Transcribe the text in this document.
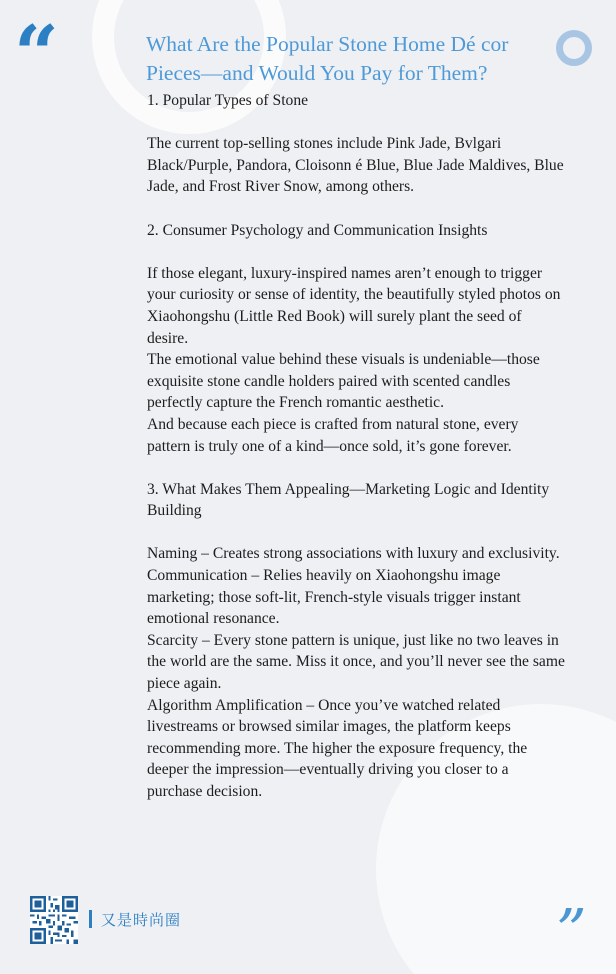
“	What Are the Popular Stone Home Dé cor Pieces—and Would You Pay for Them?

1. Popular Types of Stone

The current top-selling stones include Pink Jade, Bvlgari Black/Purple, Pandora, Cloisonn é Blue, Blue Jade Maldives, Blue Jade, and Frost River Snow, among others.

2. Consumer Psychology and Communication Insights

If those elegant, luxury-inspired names aren’t enough to trigger your curiosity or sense of identity, the beautifully styled photos on Xiaohongshu (Little Red Book) will surely plant the seed of desire.

The emotional value behind these visuals is undeniable—those exquisite stone candle holders paired with scented candles perfectly capture the French romantic aesthetic.

And because each piece is crafted from natural stone, every pattern is truly one of a kind—once sold, it’s gone forever.

3. What Makes Them Appealing—Marketing Logic and Identity Building

Naming – Creates strong associations with luxury and exclusivity.

Communication – Relies heavily on Xiaohongshu image marketing; those soft-lit, French-style visuals trigger instant emotional resonance.

Scarcity – Every stone pattern is unique, just like no two leaves in the world are the same. Miss it once, and you’ll never see the same piece again.

Algorithm Amplification – Once you’ve watched related livestreams or browsed similar images, the platform keeps recommending more. The higher the exposure frequency, the deeper the impression—eventually driving you closer to a purchase decision.

又是時尚圈	”
